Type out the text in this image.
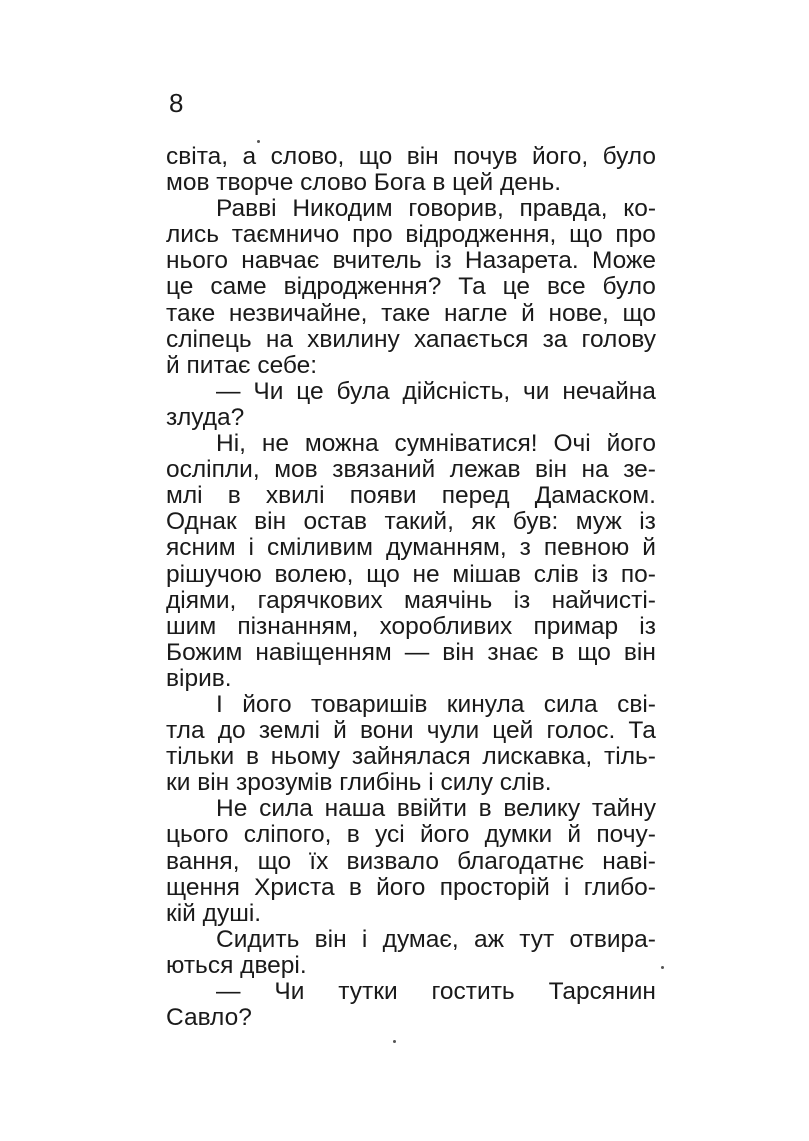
8
світа, а слово, що він почув його, було
мов творче слово Бога в цей день.
Равві Никодим говорив, правда, ко-
лись таємничо про відродження, що про
нього навчає вчитель із Назарета. Може
це саме відродження? Та це все було
таке незвичайне, таке нагле й нове, що
сліпець на хвилину хапається за голову
й питає себе:
— Чи це була дійсність, чи нечайна
злуда?
Ні, не можна сумніватися! Очі його
осліпли, мов звязаний лежав він на зе-
млі в хвилі появи перед Дамаском.
Однак він остав такий, як був: муж із
ясним і сміливим думанням, з певною й
рішучою волею, що не мішав слів із по-
діями, гарячкових маячінь із найчисті-
шим пізнанням, хоробливих примар із
Божим навіщенням — він знає в що він
вірив.
І його товаришів кинула сила сві-
тла до землі й вони чули цей голос. Та
тільки в ньому зайнялася лискавка, тіль-
ки він зрозумів глибінь і силу слів.
Не сила наша ввійти в велику тайну
цього сліпого, в усі його думки й почу-
вання, що їх визвало благодатнє наві-
щення Христа в його просторій і глибо-
кій душі.
Сидить він і думає, аж тут отвира-
ються двері.
— Чи тутки гостить Тарсянин
Савло?
